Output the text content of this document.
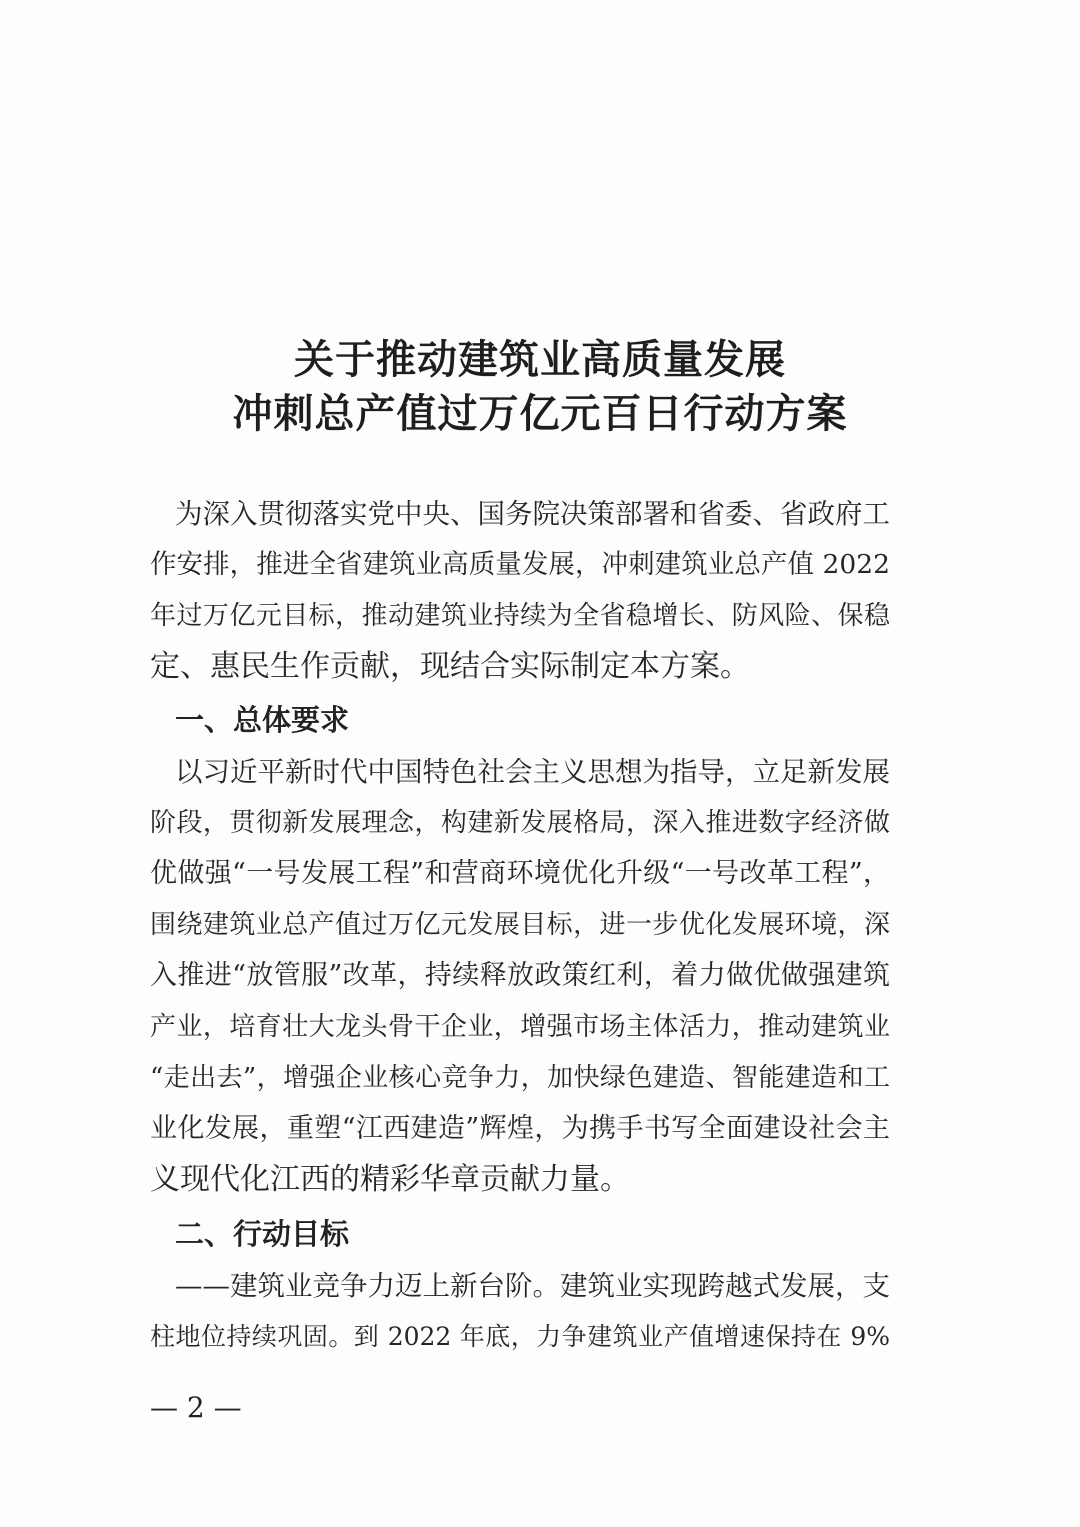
关于推动建筑业高质量发展
冲刺总产值过万亿元百日行动方案
为深入贯彻落实党中央、国务院决策部署和省委、省政府工
作安排，推进全省建筑业高质量发展，冲刺建筑业总产值 2022
年过万亿元目标，推动建筑业持续为全省稳增长、防风险、保稳
定、惠民生作贡献，现结合实际制定本方案。
一、总体要求
以习近平新时代中国特色社会主义思想为指导，立足新发展
阶段，贯彻新发展理念，构建新发展格局，深入推进数字经济做
优做强“一号发展工程”和营商环境优化升级“一号改革工程”，
围绕建筑业总产值过万亿元发展目标，进一步优化发展环境，深
入推进“放管服”改革，持续释放政策红利，着力做优做强建筑
产业，培育壮大龙头骨干企业，增强市场主体活力，推动建筑业
“走出去”，增强企业核心竞争力，加快绿色建造、智能建造和工
业化发展，重塑“江西建造”辉煌，为携手书写全面建设社会主
义现代化江西的精彩华章贡献力量。
二、行动目标
——建筑业竞争力迈上新台阶。建筑业实现跨越式发展，支
柱地位持续巩固。到 2022 年底，力争建筑业产值增速保持在 9%
— 2 —
